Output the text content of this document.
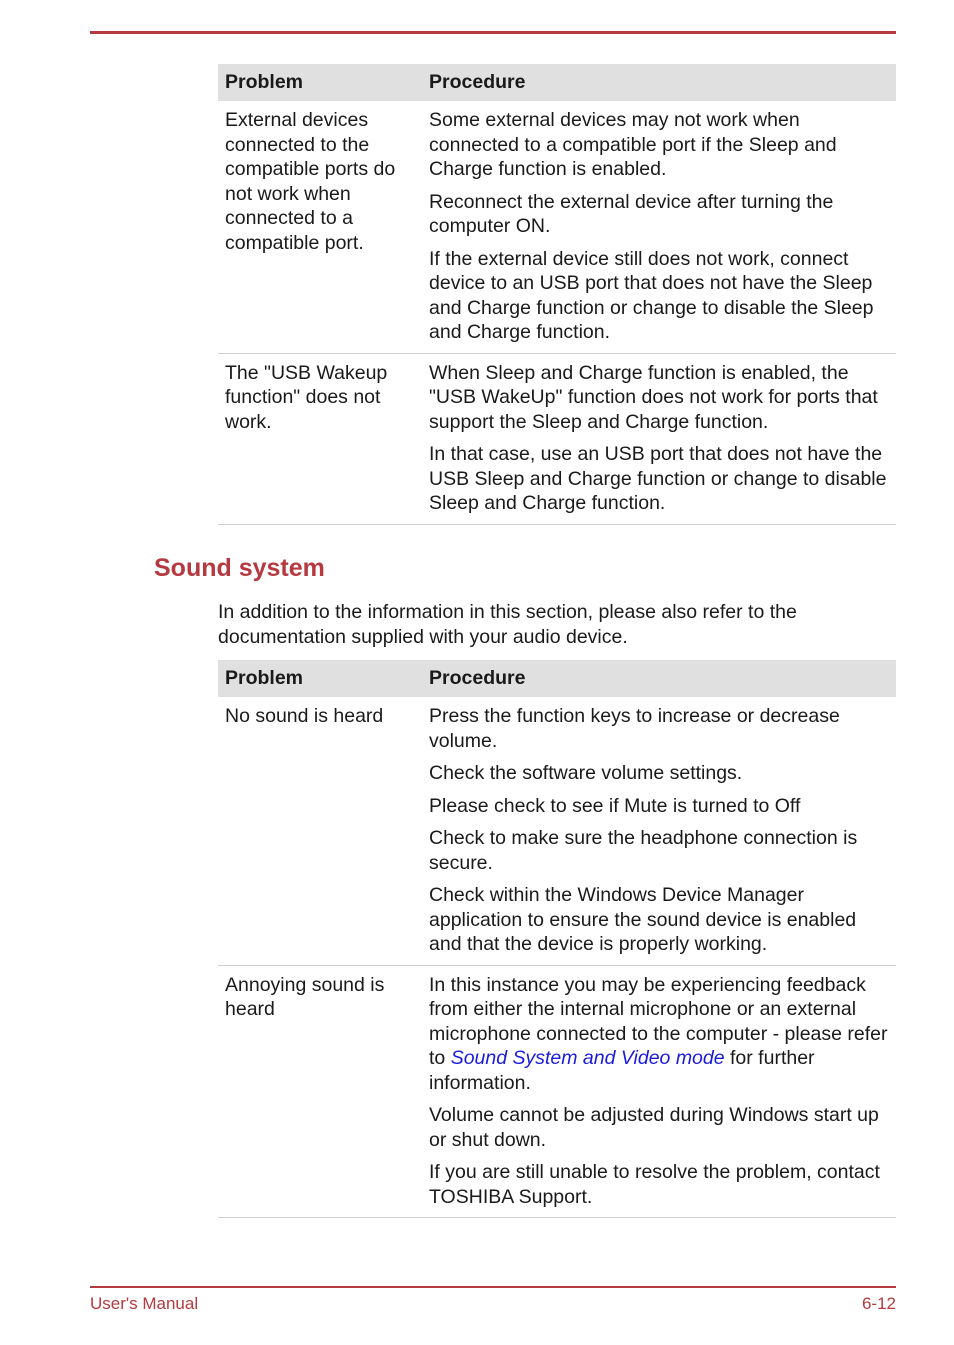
Problem	Procedure
External devices connected to the compatible ports do not work when connected to a compatible port.	Some external devices may not work when connected to a compatible port if the Sleep and Charge function is enabled.

Reconnect the external device after turning the computer ON.

If the external device still does not work, connect device to an USB port that does not have the Sleep and Charge function or change to disable the Sleep and Charge function.

The "USB Wakeup function" does not work.	When Sleep and Charge function is enabled, the "USB WakeUp" function does not work for ports that support the Sleep and Charge function.

In that case, use an USB port that does not have the USB Sleep and Charge function or change to disable Sleep and Charge function.

Sound system

In addition to the information in this section, please also refer to the documentation supplied with your audio device.

Problem	Procedure
No sound is heard	Press the function keys to increase or decrease volume.

Check the software volume settings.

Please check to see if Mute is turned to Off

Check to make sure the headphone connection is secure.

Check within the Windows Device Manager application to ensure the sound device is enabled and that the device is properly working.

Annoying sound is heard	In this instance you may be experiencing feedback from either the internal microphone or an external microphone connected to the computer - please refer to Sound System and Video mode for further information.

Volume cannot be adjusted during Windows start up or shut down.

If you are still unable to resolve the problem, contact TOSHIBA Support.

User's Manual	6-12
